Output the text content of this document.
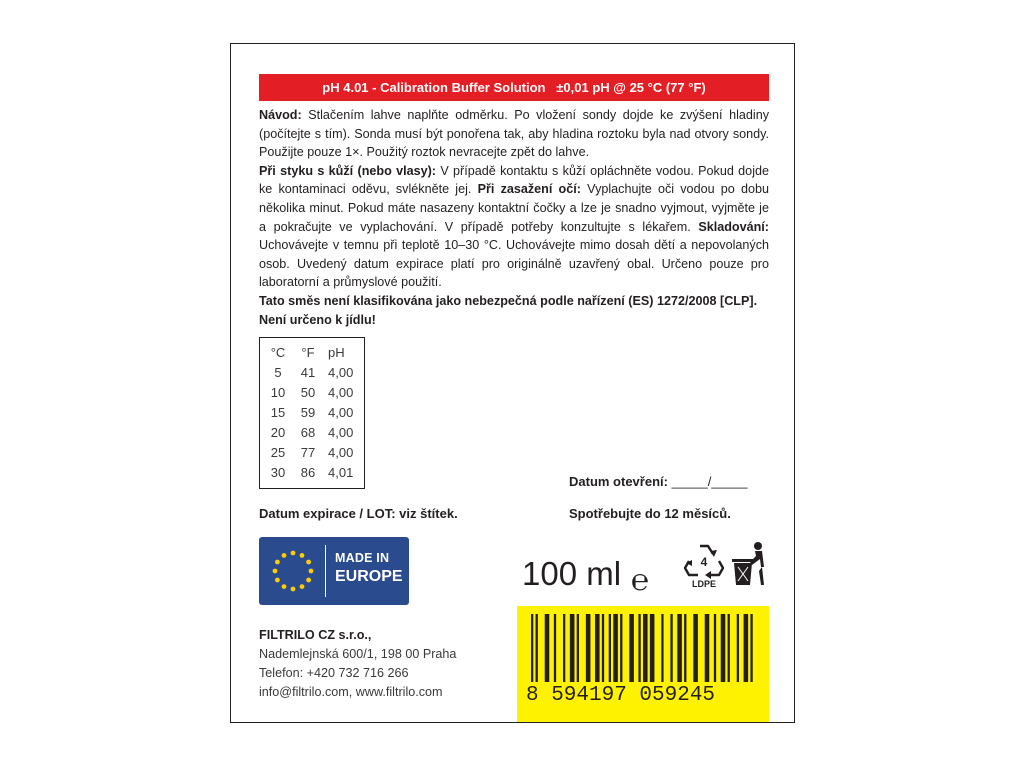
pH 4.01 - Calibration Buffer Solution   ±0,01 pH @ 25 °C (77 °F)
Návod: Stlačením lahve naplňte odměrku. Po vložení sondy dojde ke zvýšení hladiny (počítejte s tím). Sonda musí být ponořena tak, aby hladina roztoku byla nad otvory sondy. Použijte pouze 1×. Použitý roztok nevracejte zpět do lahve.
Při styku s kůží (nebo vlasy): V případě kontaktu s kůží opláchněte vodou. Pokud dojde ke kontaminaci oděvu, svlékněte jej. Při zasažení očí: Vyplachujte oči vodou po dobu několika minut. Pokud máte nasazeny kontaktní čočky a lze je snadno vyjmout, vyjměte je a pokračujte ve vyplachování. V případě potřeby konzultujte s lékařem. Skladování: Uchovávejte v temnu při teplotě 10–30 °C. Uchovávejte mimo dosah dětí a nepovolaných osob. Uvedený datum expirace platí pro originálně uzavřený obal. Určeno pouze pro laboratorní a průmyslové použití.
Tato směs není klasifikována jako nebezpečná podle nařízení (ES) 1272/2008 [CLP].
Není určeno k jídlu!
°C	°F	pH
5	41	4,00
10	50	4,00
15	59	4,00
20	68	4,00
25	77	4,00
30	86	4,01
Datum otevření: _____/_____
Datum expirace / LOT: viz štítek.	Spotřebujte do 12 měsíců.
MADE IN
EUROPE	100 ml ℮
4
LDPE
FILTRILO CZ s.r.o.,
Nademlejnská 600/1, 198 00 Praha
Telefon: +420 732 716 266
info@filtrilo.com, www.filtrilo.com	8 594197 059245
